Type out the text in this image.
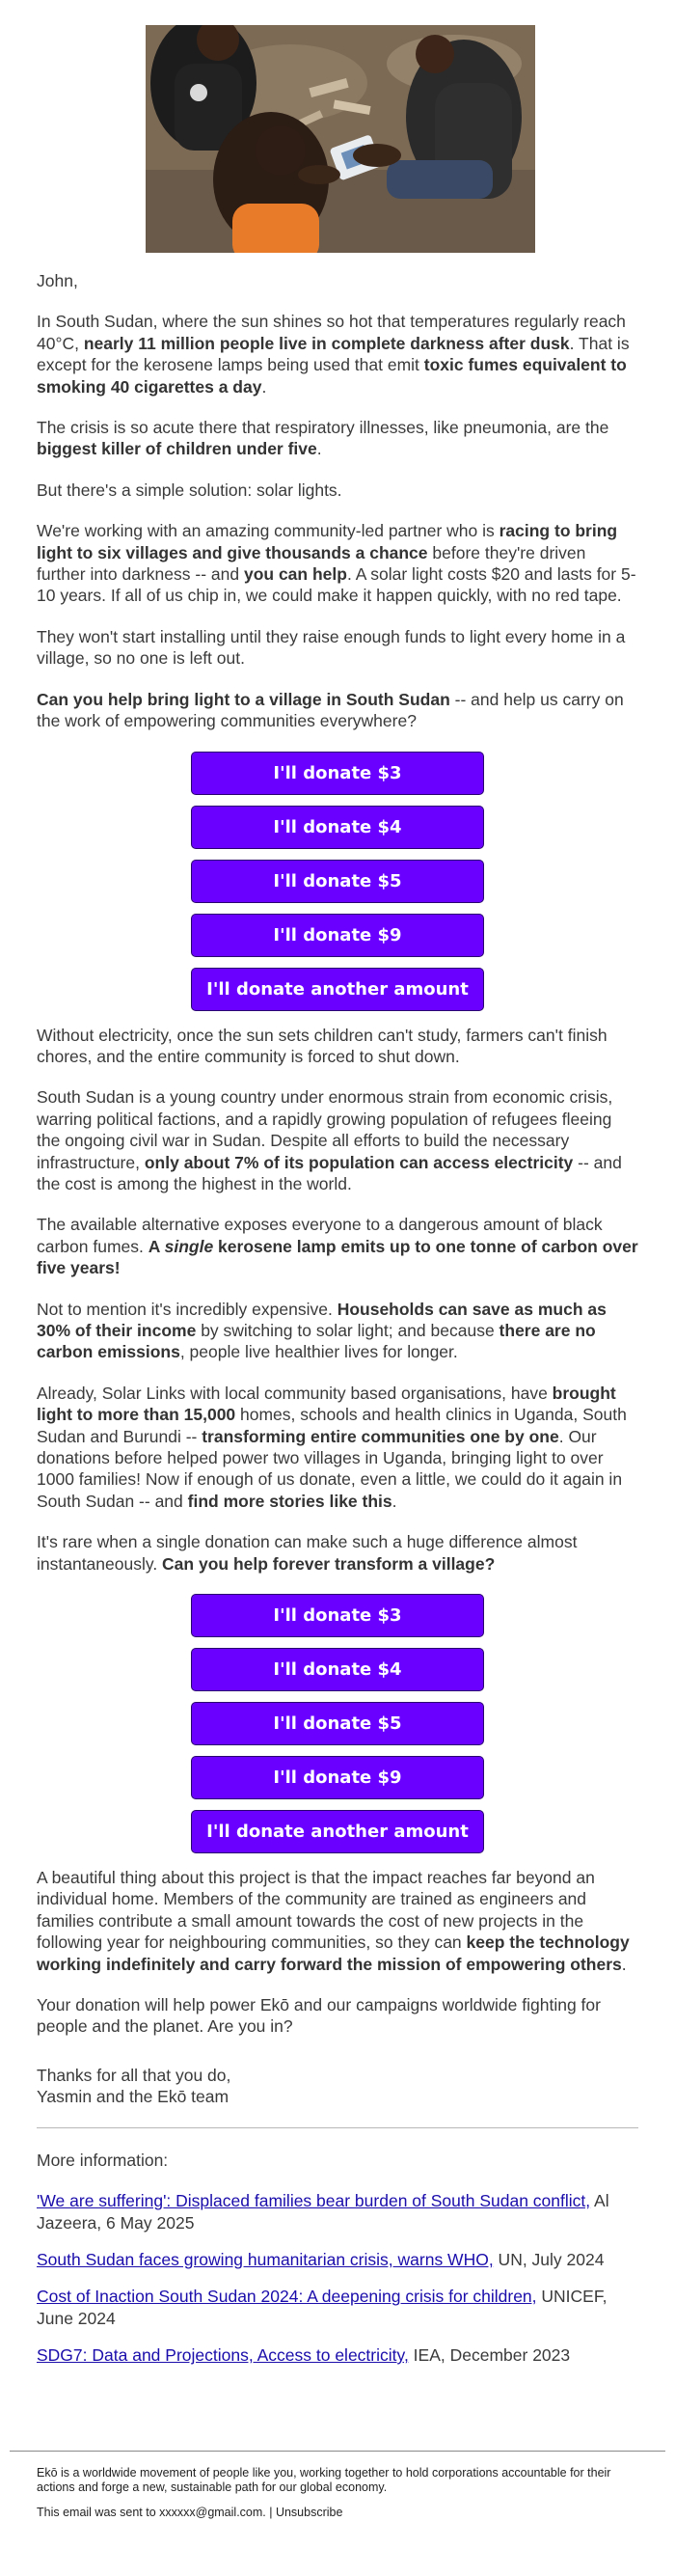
John,

In South Sudan, where the sun shines so hot that temperatures regularly reach 40°C, nearly 11 million people live in complete darkness after dusk. That is except for the kerosene lamps being used that emit toxic fumes equivalent to smoking 40 cigarettes a day.

The crisis is so acute there that respiratory illnesses, like pneumonia, are the biggest killer of children under five.

But there's a simple solution: solar lights.

We're working with an amazing community-led partner who is racing to bring light to six villages and give thousands a chance before they're driven further into darkness -- and you can help. A solar light costs $20 and lasts for 5-10 years. If all of us chip in, we could make it happen quickly, with no red tape.

They won't start installing until they raise enough funds to light every home in a village, so no one is left out.

Can you help bring light to a village in South Sudan -- and help us carry on the work of empowering communities everywhere?

I'll donate $3
I'll donate $4
I'll donate $5
I'll donate $9
I'll donate another amount

Without electricity, once the sun sets children can't study, farmers can't finish chores, and the entire community is forced to shut down.

South Sudan is a young country under enormous strain from economic crisis, warring political factions, and a rapidly growing population of refugees fleeing the ongoing civil war in Sudan. Despite all efforts to build the necessary infrastructure, only about 7% of its population can access electricity -- and the cost is among the highest in the world.

The available alternative exposes everyone to a dangerous amount of black carbon fumes. A single kerosene lamp emits up to one tonne of carbon over five years!

Not to mention it's incredibly expensive. Households can save as much as 30% of their income by switching to solar light; and because there are no carbon emissions, people live healthier lives for longer.

Already, Solar Links with local community based organisations, have brought light to more than 15,000 homes, schools and health clinics in Uganda, South Sudan and Burundi -- transforming entire communities one by one. Our donations before helped power two villages in Uganda, bringing light to over 1000 families! Now if enough of us donate, even a little, we could do it again in South Sudan -- and find more stories like this.

It's rare when a single donation can make such a huge difference almost instantaneously. Can you help forever transform a village?

I'll donate $3
I'll donate $4
I'll donate $5
I'll donate $9
I'll donate another amount

A beautiful thing about this project is that the impact reaches far beyond an individual home. Members of the community are trained as engineers and families contribute a small amount towards the cost of new projects in the following year for neighbouring communities, so they can keep the technology working indefinitely and carry forward the mission of empowering others.

Your donation will help power Ekō and our campaigns worldwide fighting for people and the planet. Are you in?

Thanks for all that you do,
Yasmin and the Ekō team

More information:

'We are suffering': Displaced families bear burden of South Sudan conflict, Al Jazeera, 6 May 2025

South Sudan faces growing humanitarian crisis, warns WHO, UN, July 2024

Cost of Inaction South Sudan 2024: A deepening crisis for children, UNICEF, June 2024

SDG7: Data and Projections, Access to electricity, IEA, December 2023

Ekō is a worldwide movement of people like you, working together to hold corporations accountable for their actions and forge a new, sustainable path for our global economy.

This email was sent to xxxxxx@gmail.com. | Unsubscribe
